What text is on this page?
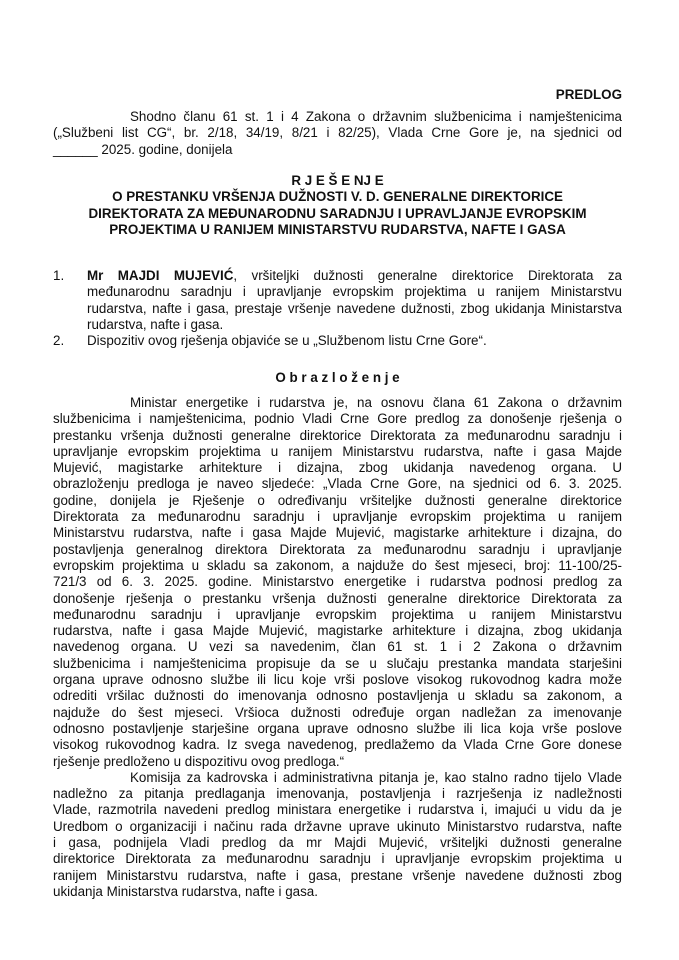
PREDLOG
Shodno članu 61 st. 1 i 4 Zakona o državnim službenicima i namještenicima
(„Službeni list CG“, br. 2/18, 34/19, 8/21 i 82/25), Vlada Crne Gore je, na sjednici od
______ 2025. godine, donijela
R J E Š E NJ E
O PRESTANKU VRŠENJA DUŽNOSTI V. D. GENERALNE DIREKTORICE
DIREKTORATA ZA MEĐUNARODNU SARADNJU I UPRAVLJANJE EVROPSKIM
PROJEKTIMA U RANIJEM MINISTARSTVU RUDARSTVA, NAFTE I GASA
1. Mr MAJDI MUJEVIĆ, vršiteljki dužnosti generalne direktorice Direktorata za
međunarodnu saradnju i upravljanje evropskim projektima u ranijem Ministarstvu
rudarstva, nafte i gasa, prestaje vršenje navedene dužnosti, zbog ukidanja Ministarstva
rudarstva, nafte i gasa.
2. Dispozitiv ovog rješenja objaviće se u „Službenom listu Crne Gore“.
O b r a z l o ž e n j e
Ministar energetike i rudarstva je, na osnovu člana 61 Zakona o državnim
službenicima i namještenicima, podnio Vladi Crne Gore predlog za donošenje rješenja o
prestanku vršenja dužnosti generalne direktorice Direktorata za međunarodnu saradnju i
upravljanje evropskim projektima u ranijem Ministarstvu rudarstva, nafte i gasa Majde
Mujević, magistarke arhitekture i dizajna, zbog ukidanja navedenog organa. U
obrazloženju predloga je naveo sljedeće: „Vlada Crne Gore, na sjednici od 6. 3. 2025.
godine, donijela je Rješenje o određivanju vršiteljke dužnosti generalne direktorice
Direktorata za međunarodnu saradnju i upravljanje evropskim projektima u ranijem
Ministarstvu rudarstva, nafte i gasa Majde Mujević, magistarke arhitekture i dizajna, do
postavljenja generalnog direktora Direktorata za međunarodnu saradnju i upravljanje
evropskim projektima u skladu sa zakonom, a najduže do šest mjeseci, broj: 11-100/25-
721/3 od 6. 3. 2025. godine. Ministarstvo energetike i rudarstva podnosi predlog za
donošenje rješenja o prestanku vršenja dužnosti generalne direktorice Direktorata za
međunarodnu saradnju i upravljanje evropskim projektima u ranijem Ministarstvu
rudarstva, nafte i gasa Majde Mujević, magistarke arhitekture i dizajna, zbog ukidanja
navedenog organa. U vezi sa navedenim, član 61 st. 1 i 2 Zakona o državnim
službenicima i namještenicima propisuje da se u slučaju prestanka mandata starješini
organa uprave odnosno službe ili licu koje vrši poslove visokog rukovodnog kadra može
odrediti vršilac dužnosti do imenovanja odnosno postavljenja u skladu sa zakonom, a
najduže do šest mjeseci. Vršioca dužnosti određuje organ nadležan za imenovanje
odnosno postavljenje starješine organa uprave odnosno službe ili lica koja vrše poslove
visokog rukovodnog kadra. Iz svega navedenog, predlažemo da Vlada Crne Gore donese
rješenje predloženo u dispozitivu ovog predloga.“
Komisija za kadrovska i administrativna pitanja je, kao stalno radno tijelo Vlade
nadležno za pitanja predlaganja imenovanja, postavljenja i razrješenja iz nadležnosti
Vlade, razmotrila navedeni predlog ministara energetike i rudarstva i, imajući u vidu da je
Uredbom o organizaciji i načinu rada državne uprave ukinuto Ministarstvo rudarstva, nafte
i gasa, podnijela Vladi predlog da mr Majdi Mujević, vršiteljki dužnosti generalne
direktorice Direktorata za međunarodnu saradnju i upravljanje evropskim projektima u
ranijem Ministarstvu rudarstva, nafte i gasa, prestane vršenje navedene dužnosti zbog
ukidanja Ministarstva rudarstva, nafte i gasa.
